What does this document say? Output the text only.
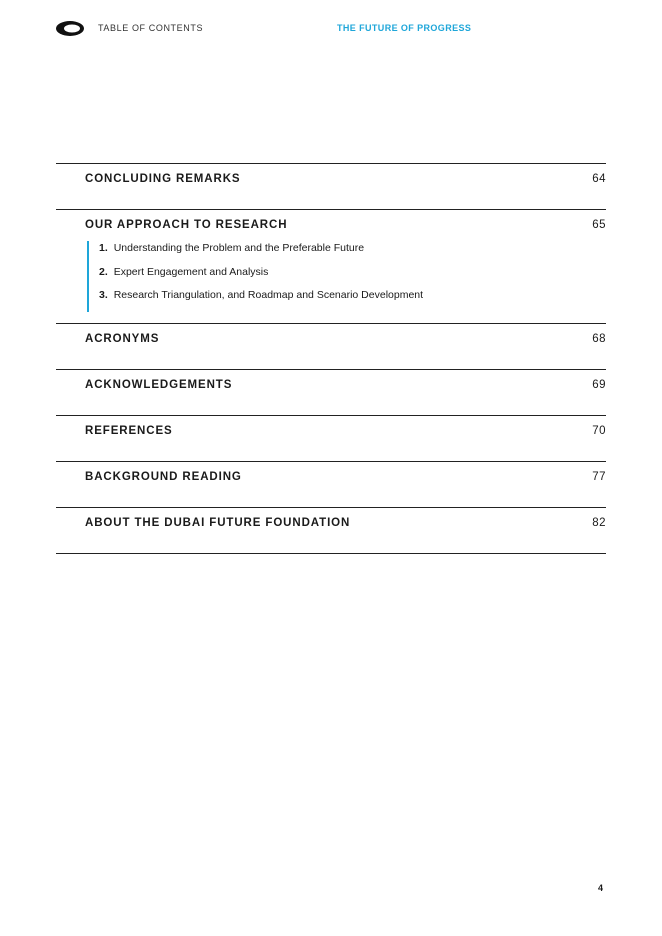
TABLE OF CONTENTS	THE FUTURE OF PROGRESS
CONCLUDING REMARKS	64
OUR APPROACH TO RESEARCH	65
1. Understanding the Problem and the Preferable Future
2. Expert Engagement and Analysis
3. Research Triangulation, and Roadmap and Scenario Development
ACRONYMS	68
ACKNOWLEDGEMENTS	69
REFERENCES	70
BACKGROUND READING	77
ABOUT THE DUBAI FUTURE FOUNDATION	82
4
